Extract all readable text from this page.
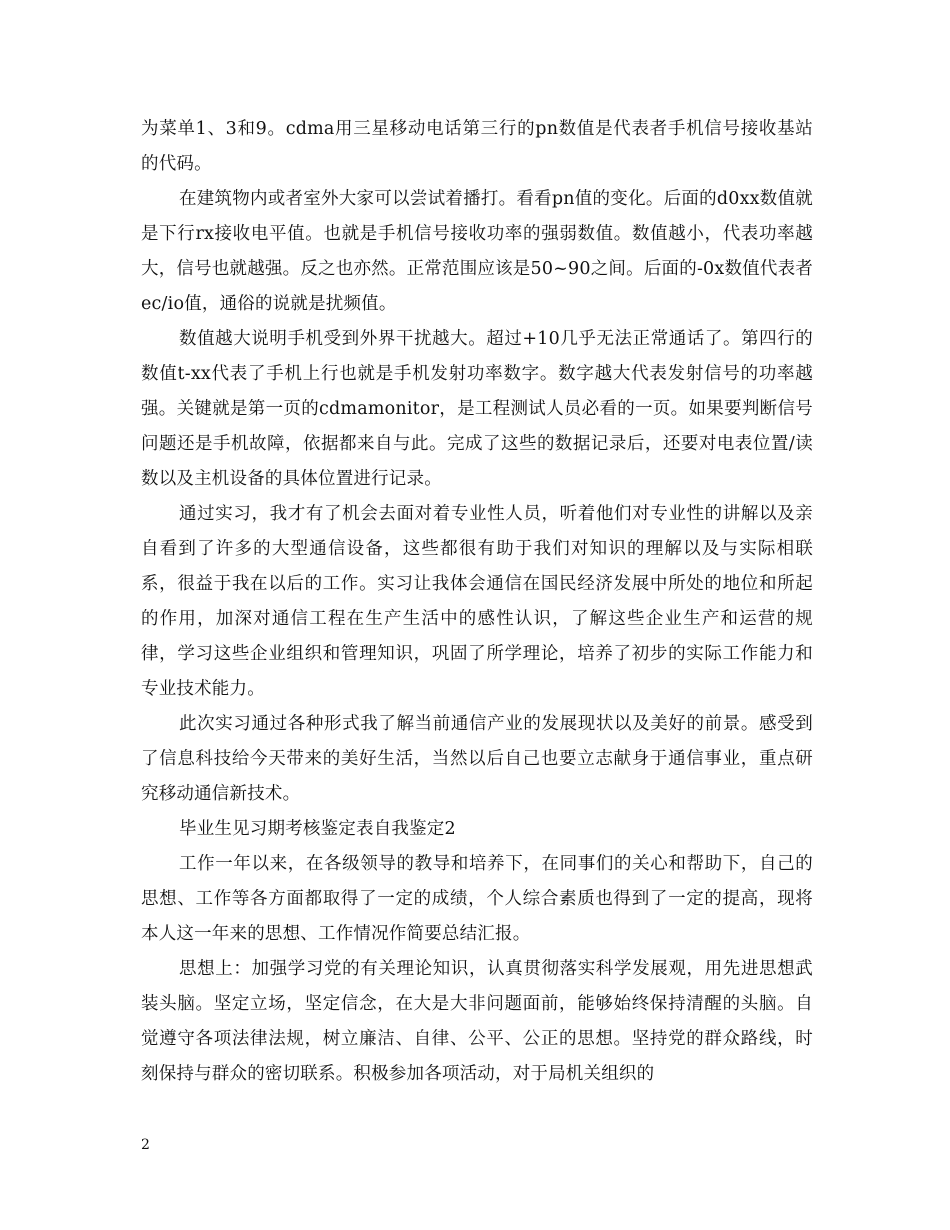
为菜单1、3和9。cdma用三星移动电话第三行的pn数值是代表者手机信号接收基站的代码。

在建筑物内或者室外大家可以尝试着播打。看看pn值的变化。后面的d0xx数值就是下行rx接收电平值。也就是手机信号接收功率的强弱数值。数值越小，代表功率越大，信号也就越强。反之也亦然。正常范围应该是50~90之间。后面的-0x数值代表者ec/io值，通俗的说就是扰频值。

数值越大说明手机受到外界干扰越大。超过+10几乎无法正常通话了。第四行的数值t-xx代表了手机上行也就是手机发射功率数字。数字越大代表发射信号的功率越强。关键就是第一页的cdmamonitor，是工程测试人员必看的一页。如果要判断信号问题还是手机故障，依据都来自与此。完成了这些的数据记录后，还要对电表位置/读数以及主机设备的具体位置进行记录。

通过实习，我才有了机会去面对着专业性人员，听着他们对专业性的讲解以及亲自看到了许多的大型通信设备，这些都很有助于我们对知识的理解以及与实际相联系，很益于我在以后的工作。实习让我体会通信在国民经济发展中所处的地位和所起的作用，加深对通信工程在生产生活中的感性认识，了解这些企业生产和运营的规律，学习这些企业组织和管理知识，巩固了所学理论，培养了初步的实际工作能力和专业技术能力。

此次实习通过各种形式我了解当前通信产业的发展现状以及美好的前景。感受到了信息科技给今天带来的美好生活，当然以后自己也要立志献身于通信事业，重点研究移动通信新技术。

毕业生见习期考核鉴定表自我鉴定2

工作一年以来，在各级领导的教导和培养下，在同事们的关心和帮助下，自己的思想、工作等各方面都取得了一定的成绩，个人综合素质也得到了一定的提高，现将本人这一年来的思想、工作情况作简要总结汇报。

思想上：加强学习党的有关理论知识，认真贯彻落实科学发展观，用先进思想武装头脑。坚定立场，坚定信念，在大是大非问题面前，能够始终保持清醒的头脑。自觉遵守各项法律法规，树立廉洁、自律、公平、公正的思想。坚持党的群众路线，时刻保持与群众的密切联系。积极参加各项活动，对于局机关组织的

2
